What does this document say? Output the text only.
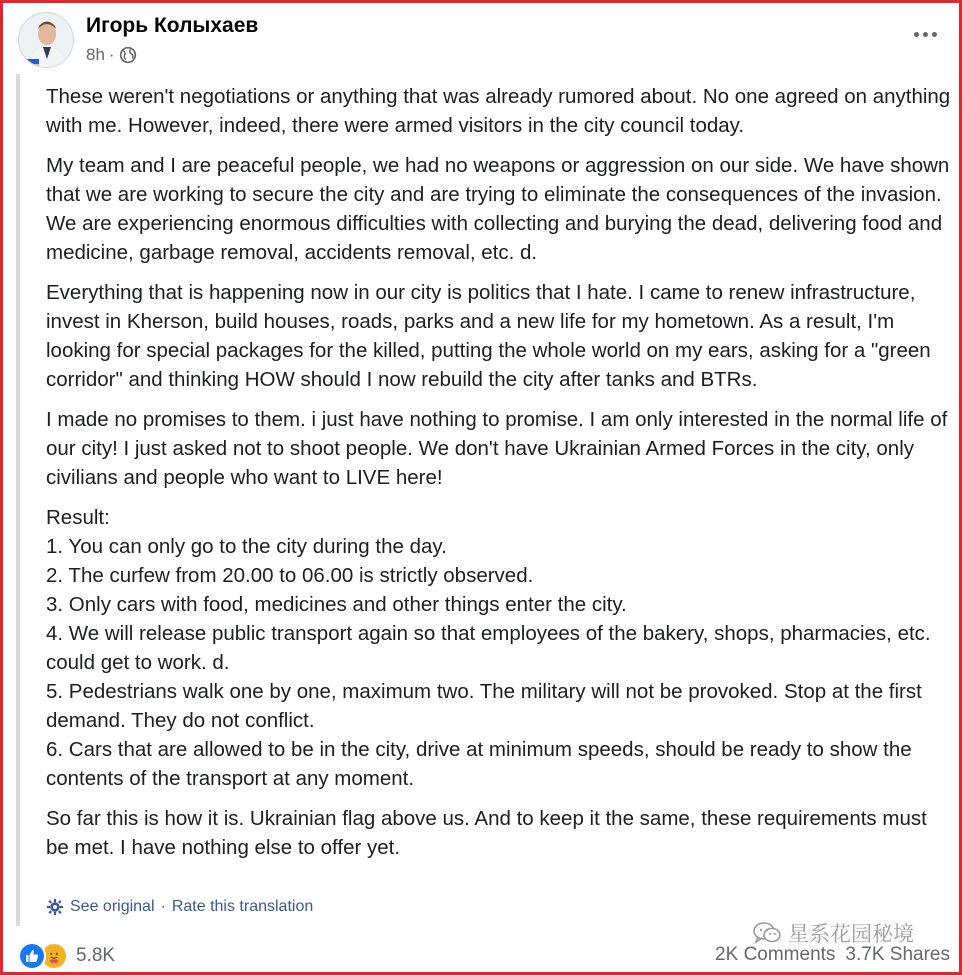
Игорь Колыхаев
8h ·

These weren't negotiations or anything that was already rumored about. No one agreed on anything with me. However, indeed, there were armed visitors in the city council today.

My team and I are peaceful people, we had no weapons or aggression on our side. We have shown that we are working to secure the city and are trying to eliminate the consequences of the invasion. We are experiencing enormous difficulties with collecting and burying the dead, delivering food and medicine, garbage removal, accidents removal, etc. d.

Everything that is happening now in our city is politics that I hate. I came to renew infrastructure, invest in Kherson, build houses, roads, parks and a new life for my hometown. As a result, I'm looking for special packages for the killed, putting the whole world on my ears, asking for a "green corridor" and thinking HOW should I now rebuild the city after tanks and BTRs.

I made no promises to them. i just have nothing to promise. I am only interested in the normal life of our city! I just asked not to shoot people. We don't have Ukrainian Armed Forces in the city, only civilians and people who want to LIVE here!

Result:
1. You can only go to the city during the day.
2. The curfew from 20.00 to 06.00 is strictly observed.
3. Only cars with food, medicines and other things enter the city.
4. We will release public transport again so that employees of the bakery, shops, pharmacies, etc. could get to work. d.
5. Pedestrians walk one by one, maximum two. The military will not be provoked. Stop at the first demand. They do not conflict.
6. Cars that are allowed to be in the city, drive at minimum speeds, should be ready to show the contents of the transport at any moment.

So far this is how it is. Ukrainian flag above us. And to keep it the same, these requirements must be met. I have nothing else to offer yet.

See original · Rate this translation
星系花园秘境
5.8K	2K Comments 3.7K Shares
